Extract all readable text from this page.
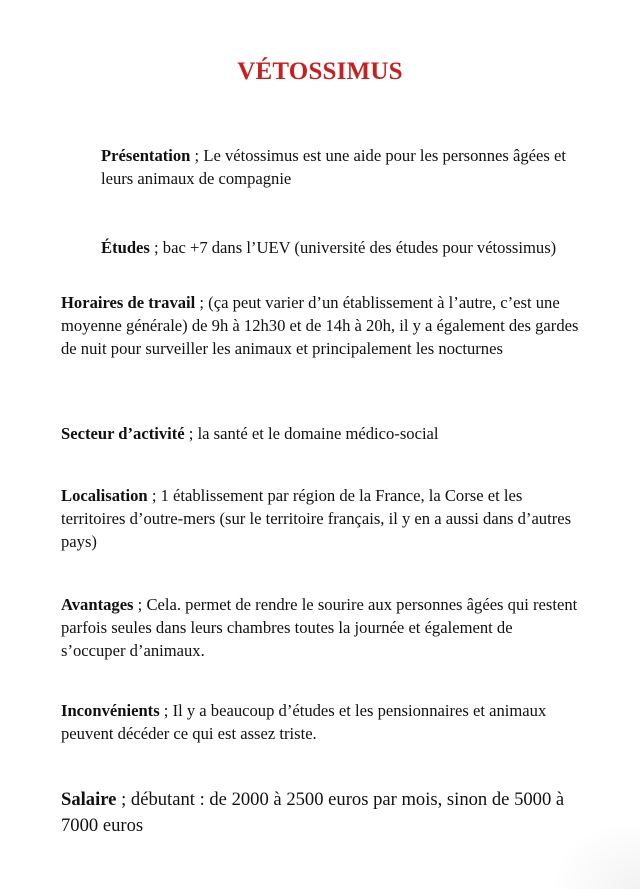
VÉTOSSIMUS

Présentation ; Le vétossimus est une aide pour les personnes âgées et leurs animaux de compagnie

Études ; bac +7 dans l’UEV (université des études pour vétossimus)

Horaires de travail ; (ça peut varier d’un établissement à l’autre, c’est une moyenne générale) de 9h à 12h30 et de 14h à 20h, il y a également des gardes de nuit pour surveiller les animaux et principalement les nocturnes

Secteur d’activité ; la santé et le domaine médico-social

Localisation ; 1 établissement par région de la France, la Corse et les territoires d’outre-mers (sur le territoire français, il y en a aussi dans d’autres pays)

Avantages ; Cela. permet de rendre le sourire aux personnes âgées qui restent parfois seules dans leurs chambres toutes la journée et également de s’occuper d’animaux.

Inconvénients ; Il y a beaucoup d’études et les pensionnaires et animaux peuvent décéder ce qui est assez triste.

Salaire ; débutant : de 2000 à 2500 euros par mois, sinon de 5000 à 7000 euros
